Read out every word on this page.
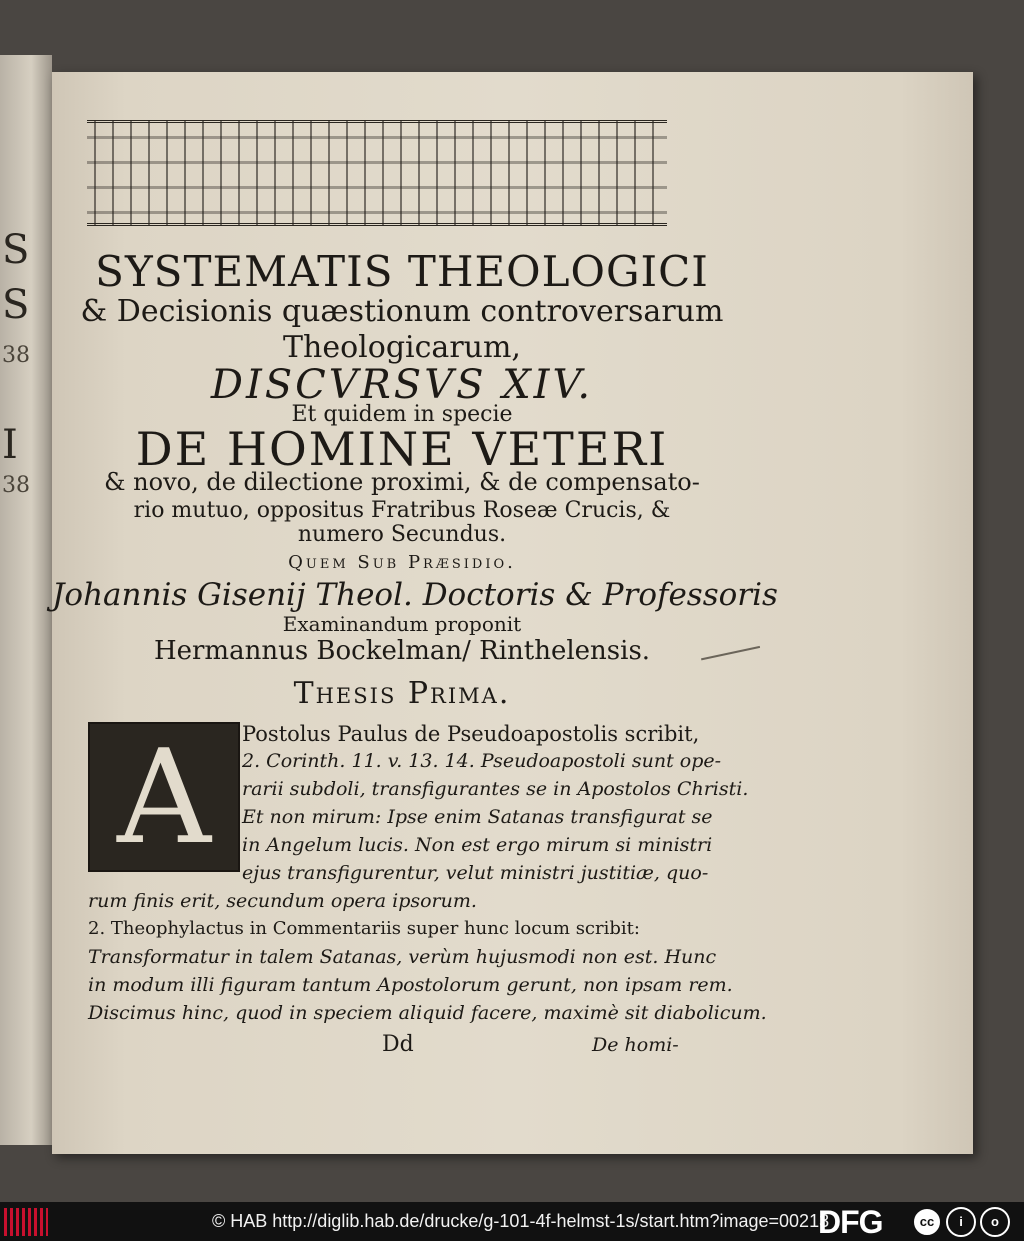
S
S
38
I
38
SYSTEMATIS THEOLOGICI
& Decisionis quæstionum controversarum
Theologicarum,
DISCVRSVS XIV.
Et quidem in specie
DE HOMINE VETERI
& novo, de dilectione proximi, & de compensato-
rio mutuo, oppositus Fratribus Roseæ Crucis, &
numero Secundus.
Quem Sub Præsidio.
Johannis Gisenij Theol. Doctoris & Professoris
Examinandum proponit
Hermannus Bockelman/ Rinthelensis.
Thesis Prima.
A	Postolus Paulus de Pseudoapostolis scribit,
2. Corinth. 11. v. 13. 14. Pseudoapostoli sunt ope-
rarii subdoli, transfigurantes se in Apostolos Christi.
Et non mirum: Ipse enim Satanas transfigurat se
in Angelum lucis. Non est ergo mirum si ministri
ejus transfigurentur, velut ministri justitiæ, quo-
rum finis erit, secundum opera ipsorum.
2. Theophylactus in Commentariis super hunc locum scribit:
Transformatur in talem Satanas, verùm hujusmodi non est. Hunc
in modum illi figuram tantum Apostolorum gerunt, non ipsam rem.
Discimus hinc, quod in speciem aliquid facere, maximè sit diabolicum.
Dd	De homi-
© HAB http://diglib.hab.de/drucke/g-101-4f-helmst-1s/start.htm?image=00213
DFG	cc	i	o
